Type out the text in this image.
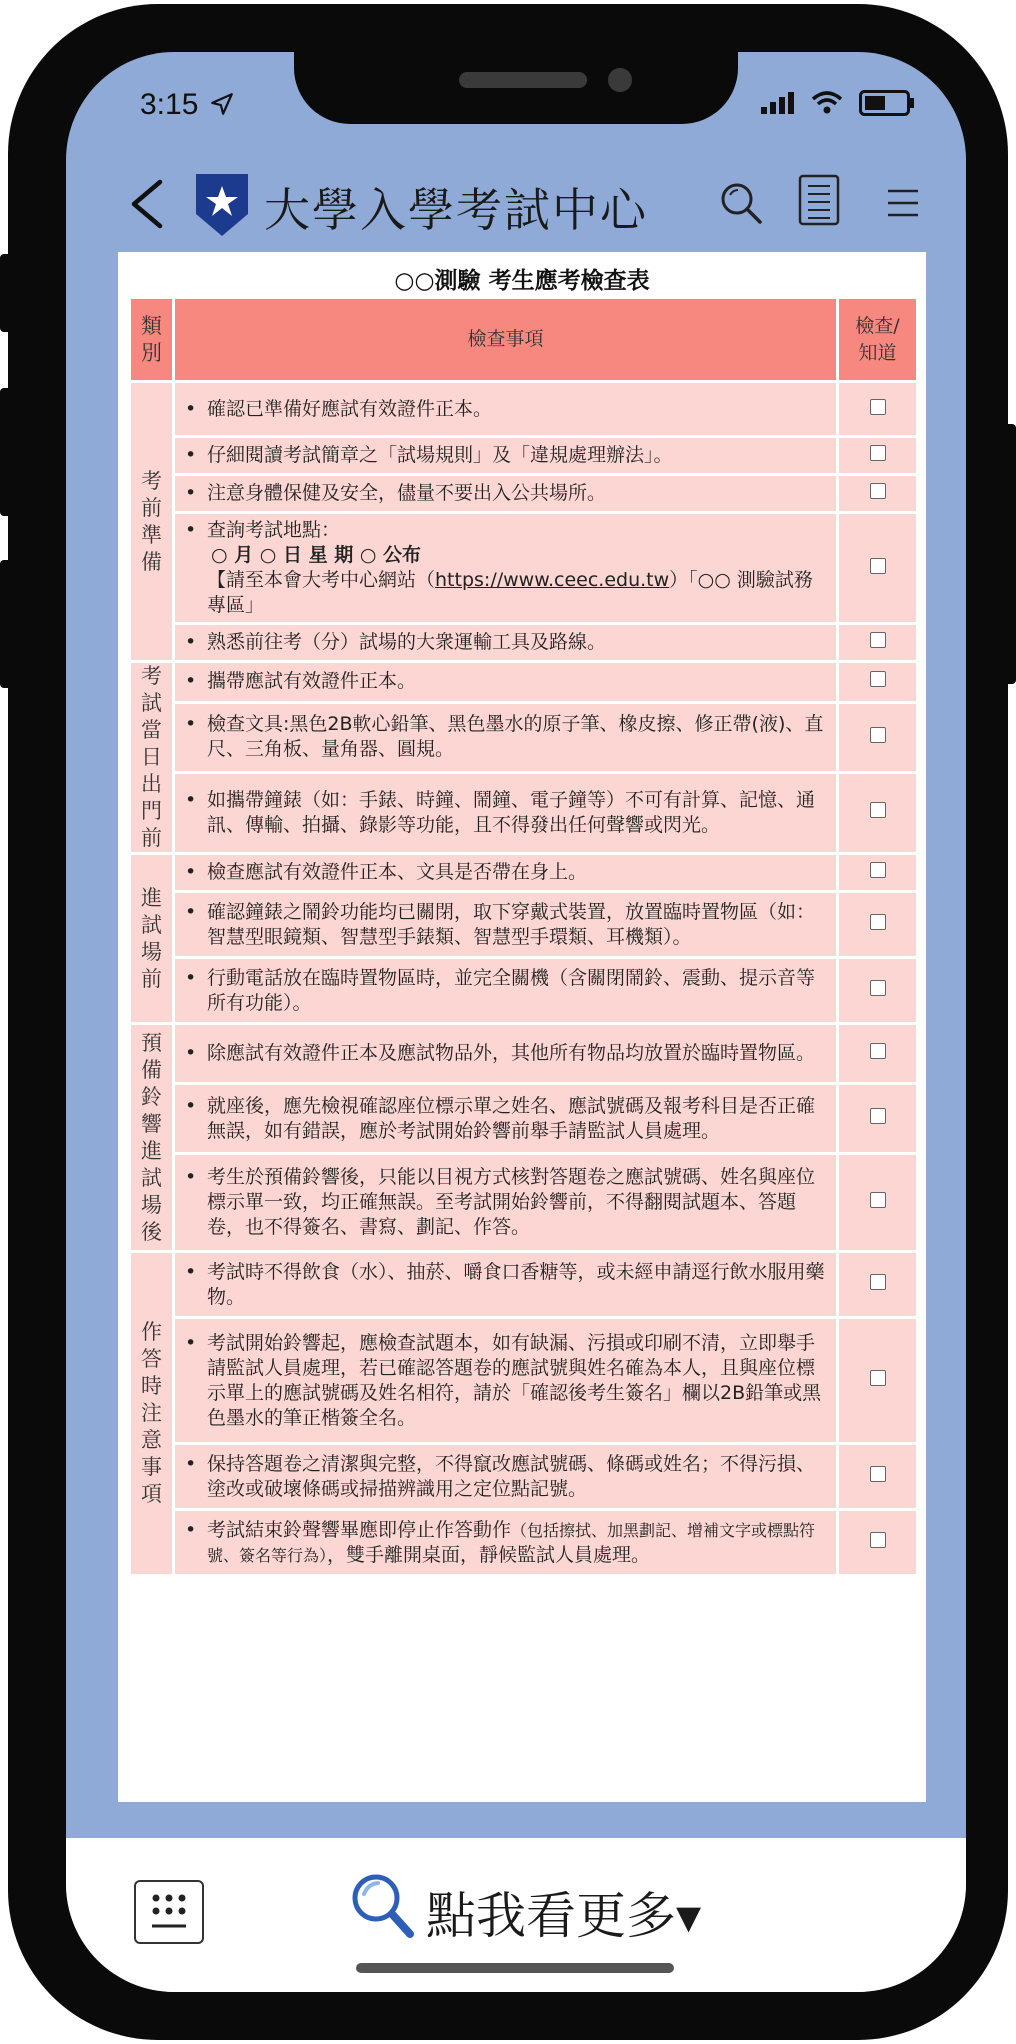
3:15
大學入學考試中心
○○測驗 考生應考檢查表
類別	檢查事項	檢查/知道
考前準備	• 確認已準備好應試有效證件正本。	

	• 仔細閱讀考試簡章之「試場規則」及「違規處理辦法」。	

	• 注意身體保健及安全，儘量不要出入公共場所。	

	• 查詢考試地點：
○ 月 ○ 日 星 期 ○ 公布
【請至本會大考中心網站（https://www.ceec.edu.tw）「○○ 測驗試務專區」	

	• 熟悉前往考（分）試場的大衆運輸工具及路線。	

考試當日出門前	• 攜帶應試有效證件正本。	

	• 檢查文具:黑色2B軟心鉛筆、黑色墨水的原子筆、橡皮擦、修正帶(液)、直尺、三角板、量角器、圓規。	

	• 如攜帶鐘錶（如：手錶、時鐘、鬧鐘、電子鐘等）不可有計算、記憶、通訊、傳輸、拍攝、錄影等功能，且不得發出任何聲響或閃光。	

進試場前	• 檢查應試有效證件正本、文具是否帶在身上。	

	• 確認鐘錶之鬧鈴功能均已關閉，取下穿戴式裝置，放置臨時置物區（如：智慧型眼鏡類、智慧型手錶類、智慧型手環類、耳機類）。	

	• 行動電話放在臨時置物區時，並完全關機（含關閉鬧鈴、震動、提示音等所有功能）。	

預備鈴響進試場後	• 除應試有效證件正本及應試物品外，其他所有物品均放置於臨時置物區。	

	• 就座後，應先檢視確認座位標示單之姓名、應試號碼及報考科目是否正確無誤，如有錯誤，應於考試開始鈴響前舉手請監試人員處理。	

	• 考生於預備鈴響後，只能以目視方式核對答題卷之應試號碼、姓名與座位標示單一致，均正確無誤。至考試開始鈴響前，不得翻閱試題本、答題卷，也不得簽名、書寫、劃記、作答。	

作答時注意事項	• 考試時不得飲食（水）、抽菸、嚼食口香糖等，或未經申請逕行飲水服用藥物。	

	• 考試開始鈴響起，應檢查試題本，如有缺漏、污損或印刷不清，立即舉手請監試人員處理，若已確認答題卷的應試號與姓名確為本人，且與座位標示單上的應試號碼及姓名相符，請於「確認後考生簽名」欄以2B鉛筆或黑色墨水的筆正楷簽全名。	

	• 保持答題卷之清潔與完整，不得竄改應試號碼、條碼或姓名；不得污損、塗改或破壞條碼或掃描辨識用之定位點記號。	

	• 考試結束鈴聲響畢應即停止作答動作（包括擦拭、加黑劃記、增補文字或標點符號、簽名等行為），雙手離開桌面，靜候監試人員處理。	

點我看更多▾
